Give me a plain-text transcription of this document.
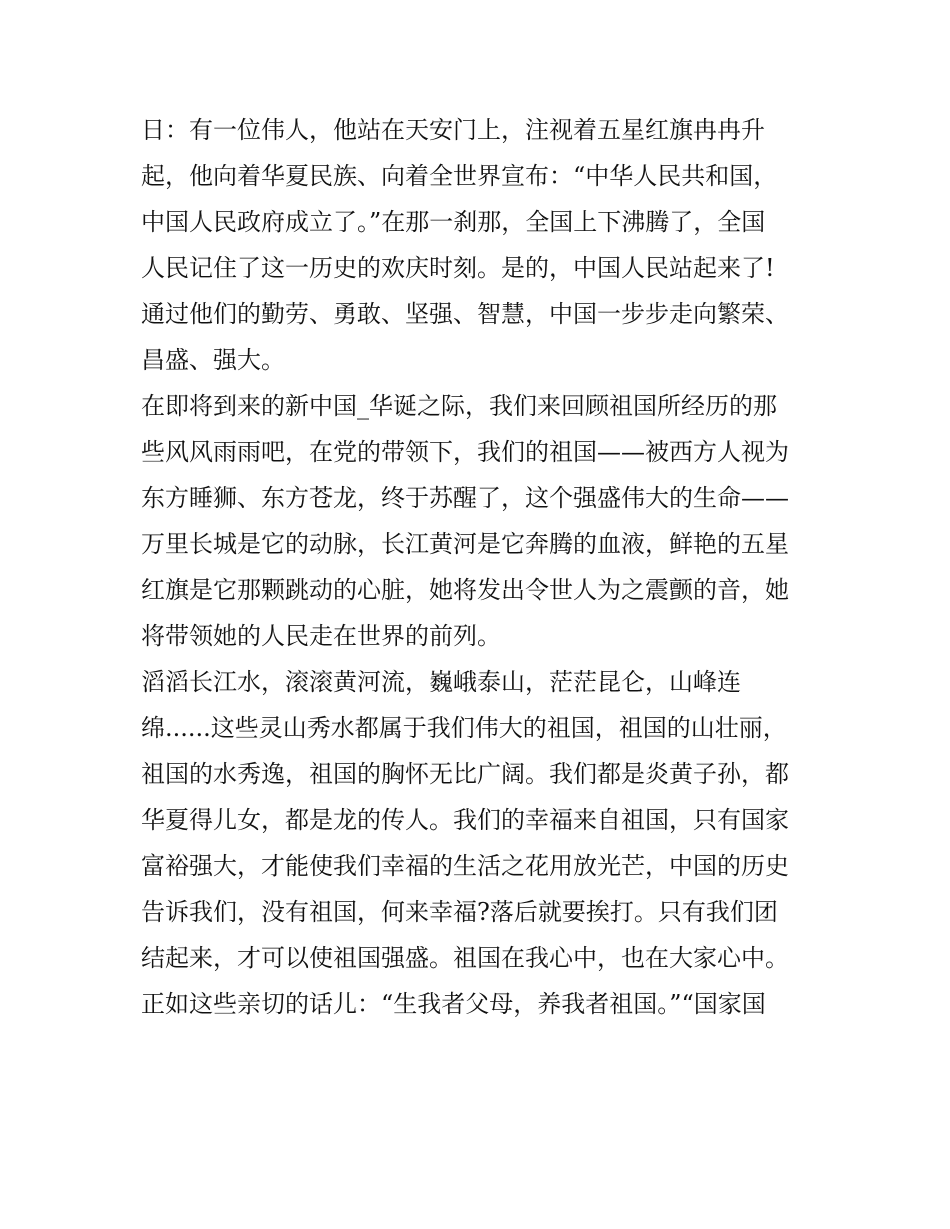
日：有一位伟人，他站在天安门上，注视着五星红旗冉冉升

起，他向着华夏民族、向着全世界宣布：“中华人民共和国，

中国人民政府成立了。”在那一刹那，全国上下沸腾了，全国

人民记住了这一历史的欢庆时刻。是的，中国人民站起来了!

通过他们的勤劳、勇敢、坚强、智慧，中国一步步走向繁荣、

昌盛、强大。

在即将到来的新中国_华诞之际，我们来回顾祖国所经历的那

些风风雨雨吧，在党的带领下，我们的祖国——被西方人视为

东方睡狮、东方苍龙，终于苏醒了，这个强盛伟大的生命——

万里长城是它的动脉，长江黄河是它奔腾的血液，鲜艳的五星

红旗是它那颗跳动的心脏，她将发出令世人为之震颤的音，她

将带领她的人民走在世界的前列。

滔滔长江水，滚滚黄河流，巍峨泰山，茫茫昆仑，山峰连

绵......这些灵山秀水都属于我们伟大的祖国，祖国的山壮丽，

祖国的水秀逸，祖国的胸怀无比广阔。我们都是炎黄子孙，都

华夏得儿女，都是龙的传人。我们的幸福来自祖国，只有国家

富裕强大，才能使我们幸福的生活之花用放光芒，中国的历史

告诉我们，没有祖国，何来幸福?落后就要挨打。只有我们团

结起来，才可以使祖国强盛。祖国在我心中，也在大家心中。

正如这些亲切的话儿：“生我者父母，养我者祖国。”“国家国
